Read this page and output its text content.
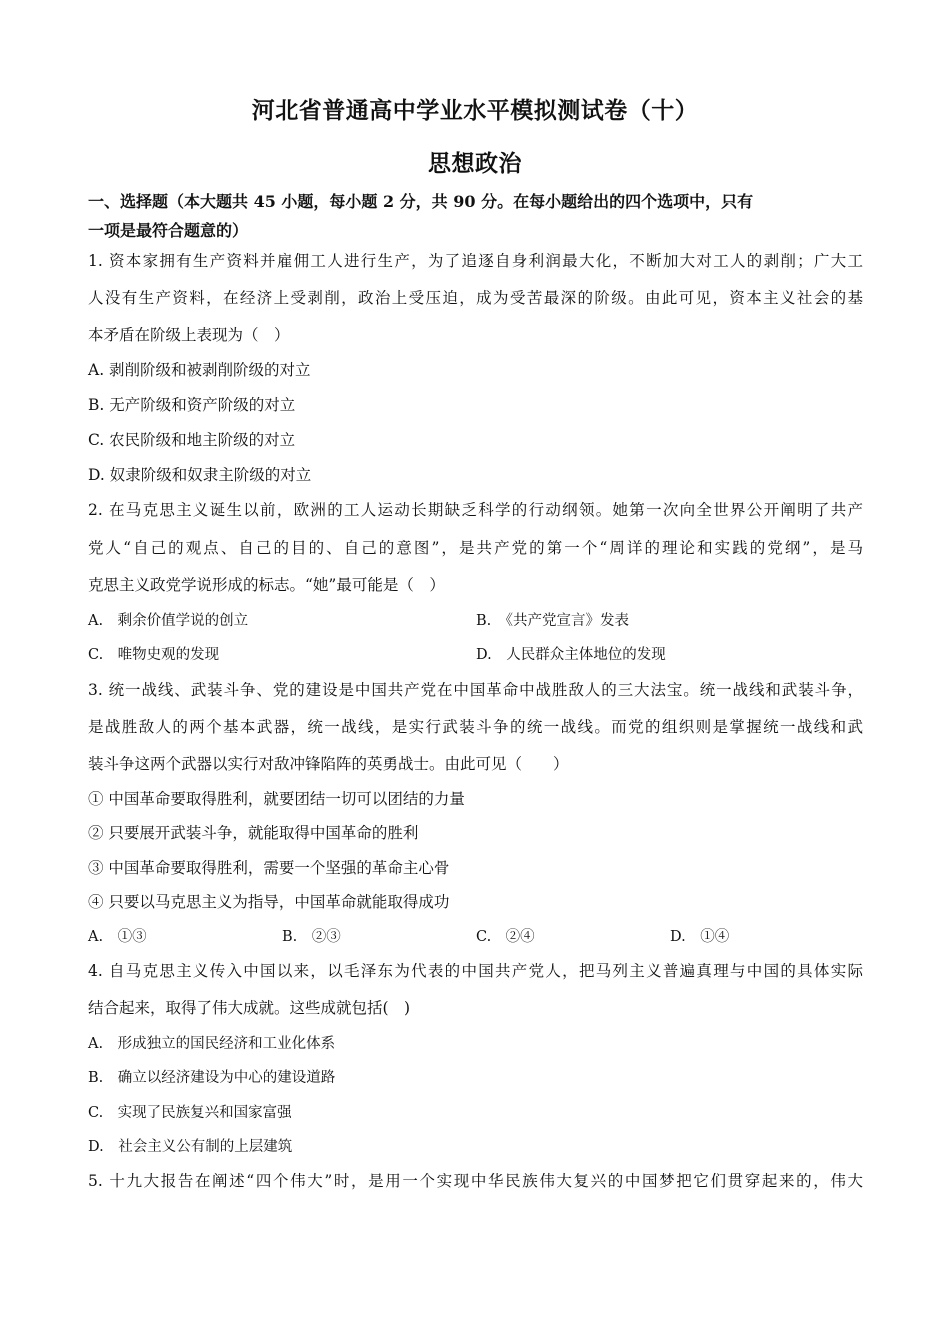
河北省普通高中学业水平模拟测试卷（十）
思想政治
一、选择题（本大题共 45 小题，每小题 2 分，共 90 分。在每小题给出的四个选项中，只有
一项是最符合题意的）
1. 资本家拥有生产资料并雇佣工人进行生产，为了追逐自身利润最大化，不断加大对工人的剥削；广大工
人没有生产资料，在经济上受剥削，政治上受压迫，成为受苦最深的阶级。由此可见，资本主义社会的基
本矛盾在阶级上表现为（　）
A. 剥削阶级和被剥削阶级的对立
B. 无产阶级和资产阶级的对立
C. 农民阶级和地主阶级的对立
D. 奴隶阶级和奴隶主阶级的对立
2. 在马克思主义诞生以前，欧洲的工人运动长期缺乏科学的行动纲领。她第一次向全世界公开阐明了共产
党人“自己的观点、自己的目的、自己的意图”，是共产党的第一个“周详的理论和实践的党纲”，是马
克思主义政党学说形成的标志。“她”最可能是（　）
A.　剩余价值学说的创立	B.　《共产党宣言》发表
C.　唯物史观的发现	D.　人民群众主体地位的发现
3. 统一战线、武装斗争、党的建设是中国共产党在中国革命中战胜敌人的三大法宝。统一战线和武装斗争，
是战胜敌人的两个基本武器，统一战线，是实行武装斗争的统一战线。而党的组织则是掌握统一战线和武
装斗争这两个武器以实行对敌冲锋陷阵的英勇战士。由此可见（　　）
① 中国革命要取得胜利，就要团结一切可以团结的力量
② 只要展开武装斗争，就能取得中国革命的胜利
③ 中国革命要取得胜利，需要一个坚强的革命主心骨
④ 只要以马克思主义为指导，中国革命就能取得成功
A.　①③	B.　②③	C.　②④	D.　①④
4. 自马克思主义传入中国以来，以毛泽东为代表的中国共产党人，把马列主义普遍真理与中国的具体实际
结合起来，取得了伟大成就。这些成就包括(　)
A.　形成独立的国民经济和工业化体系
B.　确立以经济建设为中心的建设道路
C.　实现了民族复兴和国家富强
D.　社会主义公有制的上层建筑
5. 十九大报告在阐述“四个伟大”时，是用一个实现中华民族伟大复兴的中国梦把它们贯穿起来的，伟大
